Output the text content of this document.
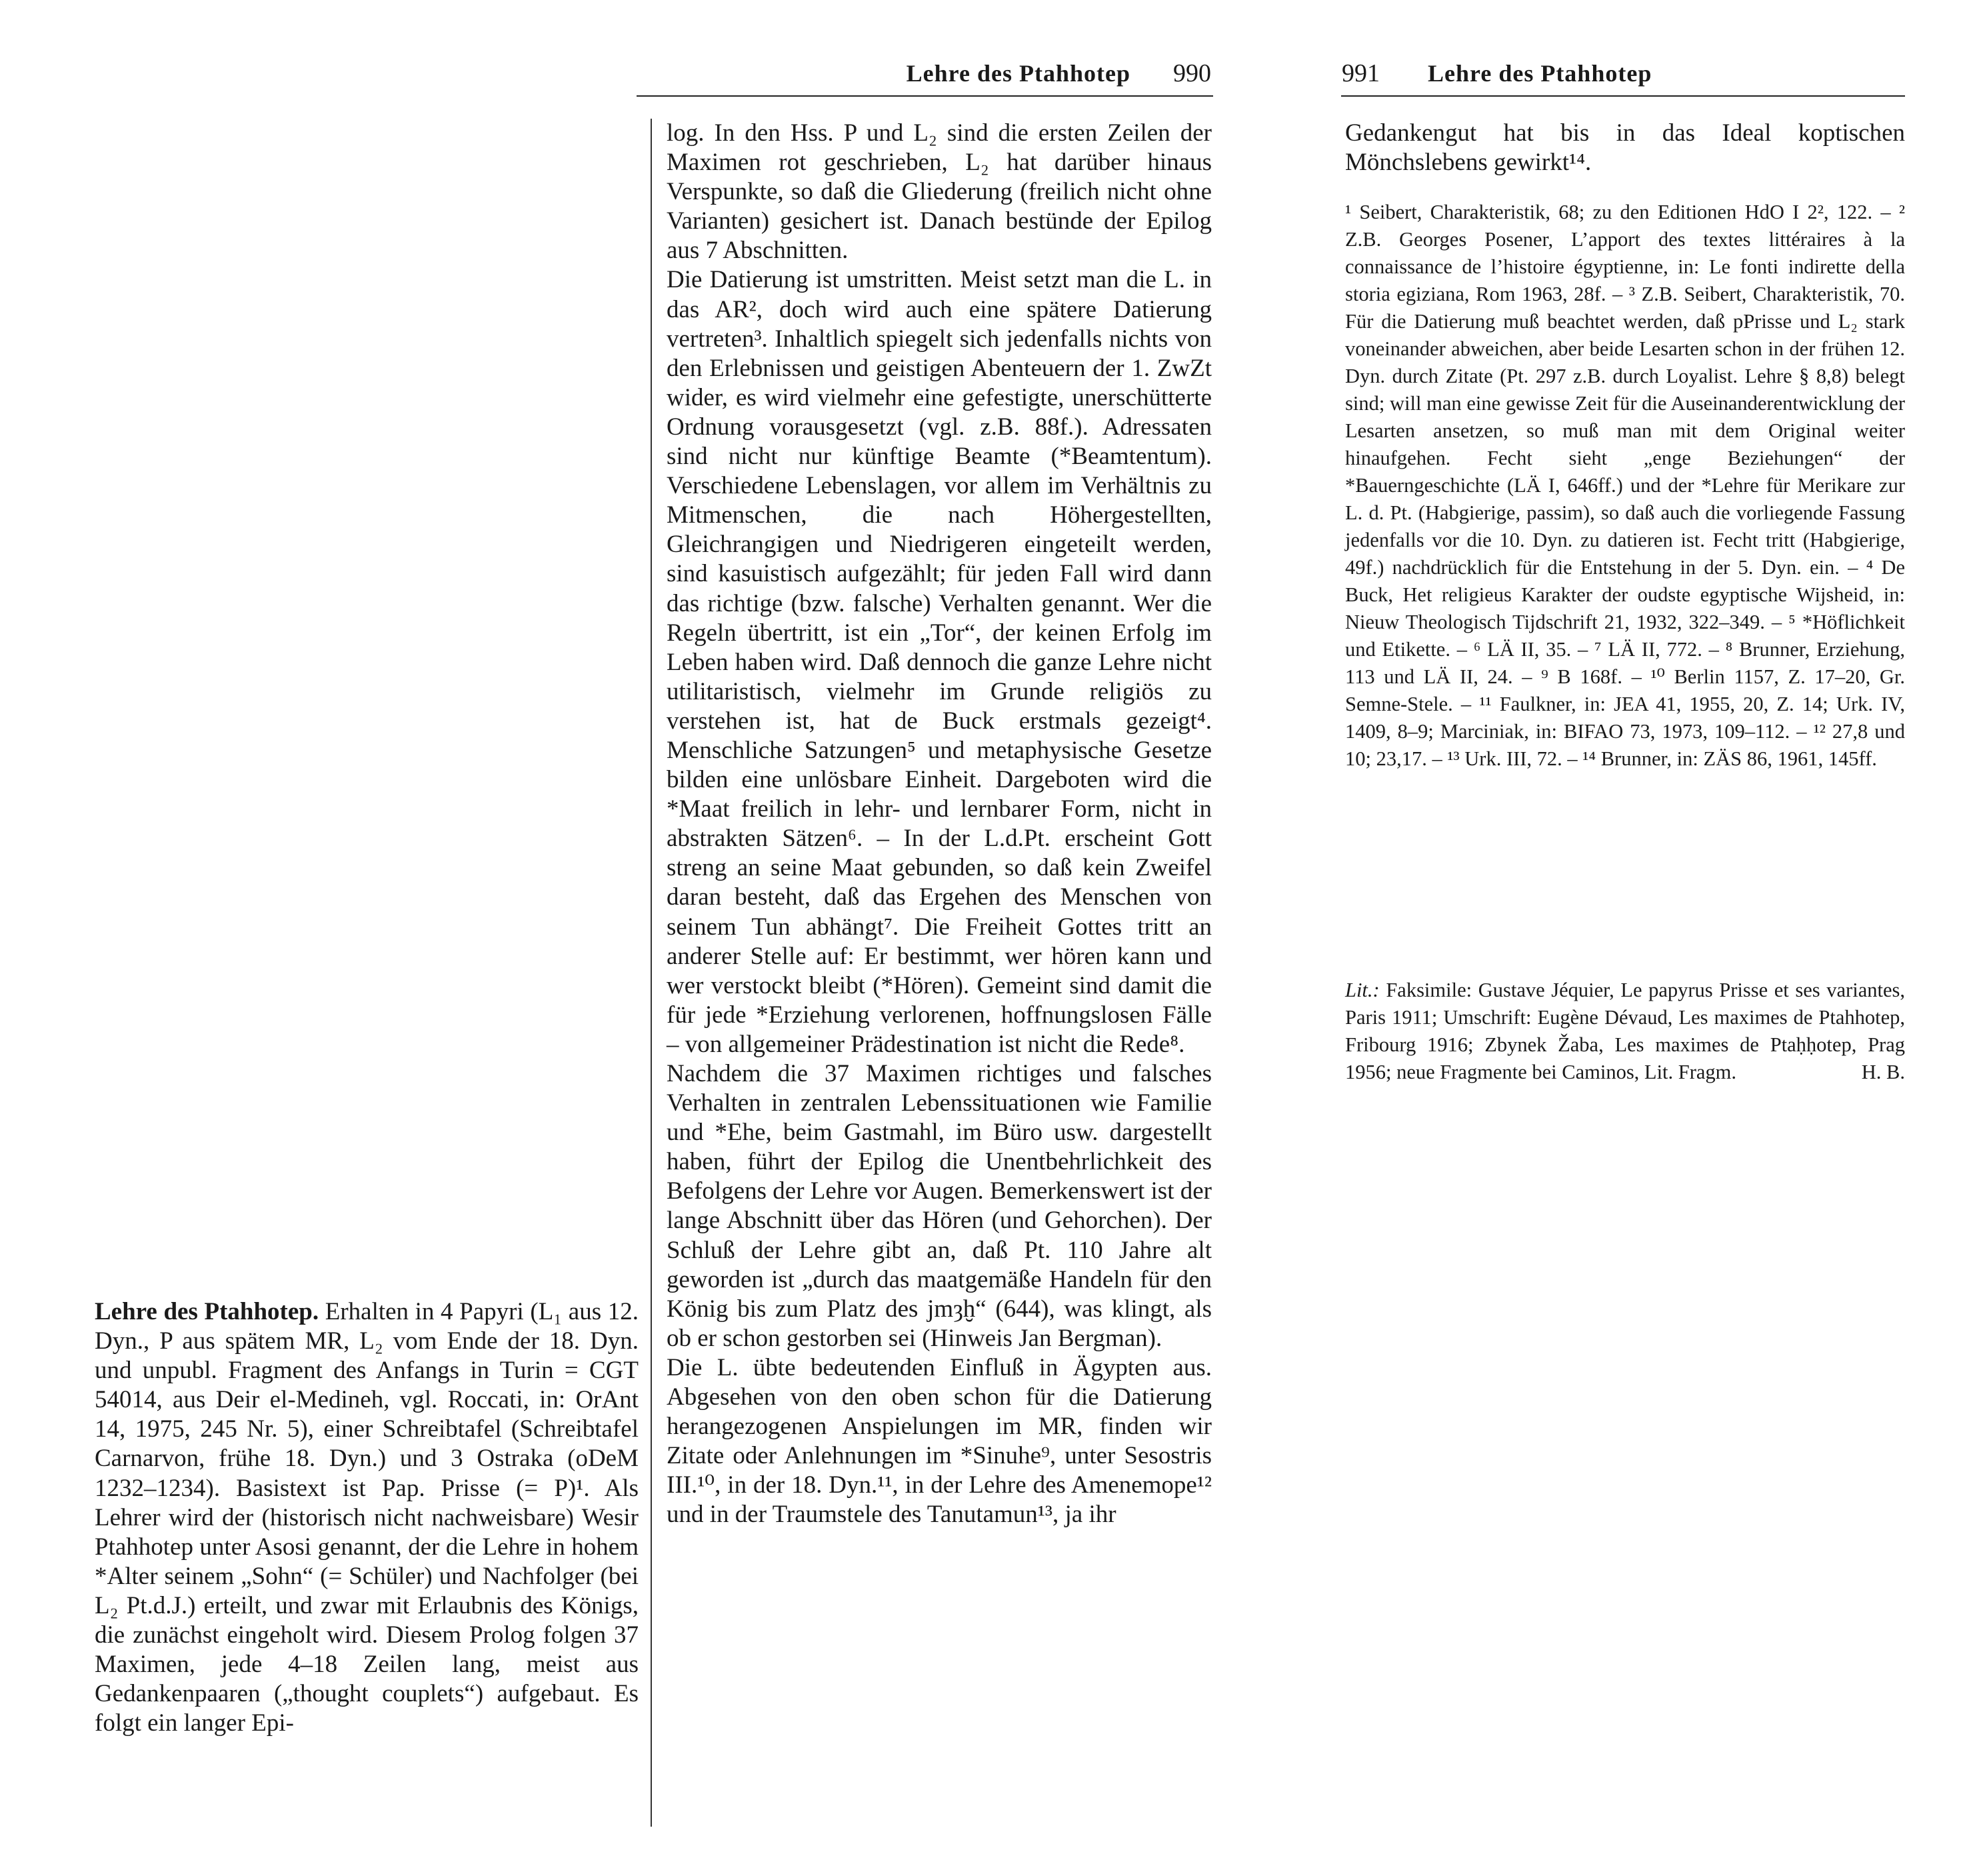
Lehre des Ptahhotep 990	991 Lehre des Ptahhotep

Lehre des Ptahhotep. Erhalten in 4 Papyri (L₁ aus 12. Dyn., P aus spätem MR, L₂ vom Ende der 18. Dyn. und unpubl. Fragment des Anfangs in Turin = CGT 54014, aus Deir el-Medineh, vgl. Roccati, in: OrAnt 14, 1975, 245 Nr. 5), einer Schreibtafel (Schreibtafel Carnarvon, frühe 18. Dyn.) und 3 Ostraka (oDeM 1232–1234). Basistext ist Pap. Prisse (= P)¹. Als Lehrer wird der (historisch nicht nachweisbare) Wesir Ptahhotep unter Asosi genannt, der die Lehre in hohem *Alter seinem „Sohn“ (= Schüler) und Nachfolger (bei L₂ Pt.d.J.) erteilt, und zwar mit Erlaubnis des Königs, die zunächst eingeholt wird. Diesem Prolog folgen 37 Maximen, jede 4–18 Zeilen lang, meist aus Gedankenpaaren („thought couplets“) aufgebaut. Es folgt ein langer Epi-

log. In den Hss. P und L₂ sind die ersten Zeilen der Maximen rot geschrieben, L₂ hat darüber hinaus Verspunkte, so daß die Gliederung (freilich nicht ohne Varianten) gesichert ist. Danach bestünde der Epilog aus 7 Abschnitten.

Die Datierung ist umstritten. Meist setzt man die L. in das AR², doch wird auch eine spätere Datierung vertreten³. Inhaltlich spiegelt sich jedenfalls nichts von den Erlebnissen und geistigen Abenteuern der 1. ZwZt wider, es wird vielmehr eine gefestigte, unerschütterte Ordnung vorausgesetzt (vgl. z.B. 88f.). Adressaten sind nicht nur künftige Beamte (*Beamtentum). Verschiedene Lebenslagen, vor allem im Verhältnis zu Mitmenschen, die nach Höhergestellten, Gleichrangigen und Niedrigeren eingeteilt werden, sind kasuistisch aufgezählt; für jeden Fall wird dann das richtige (bzw. falsche) Verhalten genannt. Wer die Regeln übertritt, ist ein „Tor“, der keinen Erfolg im Leben haben wird. Daß dennoch die ganze Lehre nicht utilitaristisch, vielmehr im Grunde religiös zu verstehen ist, hat de Buck erstmals gezeigt⁴. Menschliche Satzungen⁵ und metaphysische Gesetze bilden eine unlösbare Einheit. Dargeboten wird die *Maat freilich in lehr- und lernbarer Form, nicht in abstrakten Sätzen⁶. – In der L.d.Pt. erscheint Gott streng an seine Maat gebunden, so daß kein Zweifel daran besteht, daß das Ergehen des Menschen von seinem Tun abhängt⁷. Die Freiheit Gottes tritt an anderer Stelle auf: Er bestimmt, wer hören kann und wer verstockt bleibt (*Hören). Gemeint sind damit die für jede *Erziehung verlorenen, hoffnungslosen Fälle – von allgemeiner Prädestination ist nicht die Rede⁸.

Nachdem die 37 Maximen richtiges und falsches Verhalten in zentralen Lebenssituationen wie Familie und *Ehe, beim Gastmahl, im Büro usw. dargestellt haben, führt der Epilog die Unentbehrlichkeit des Befolgens der Lehre vor Augen. Bemerkenswert ist der lange Abschnitt über das Hören (und Gehorchen). Der Schluß der Lehre gibt an, daß Pt. 110 Jahre alt geworden ist „durch das maatgemäße Handeln für den König bis zum Platz des jmȝḫ“ (644), was klingt, als ob er schon gestorben sei (Hinweis Jan Bergman).

Die L. übte bedeutenden Einfluß in Ägypten aus. Abgesehen von den oben schon für die Datierung herangezogenen Anspielungen im MR, finden wir Zitate oder Anlehnungen im *Sinuhe⁹, unter Sesostris III.¹⁰, in der 18. Dyn.¹¹, in der Lehre des Amenemope¹² und in der Traumstele des Tanutamun¹³, ja ihr

Gedankengut hat bis in das Ideal koptischen Mönchslebens gewirkt¹⁴.

¹ Seibert, Charakteristik, 68; zu den Editionen HdO I 2², 122. – ² Z.B. Georges Posener, L’apport des textes littéraires à la connaissance de l’histoire égyptienne, in: Le fonti indirette della storia egiziana, Rom 1963, 28f. – ³ Z.B. Seibert, Charakteristik, 70. Für die Datierung muß beachtet werden, daß pPrisse und L₂ stark voneinander abweichen, aber beide Lesarten schon in der frühen 12. Dyn. durch Zitate (Pt. 297 z.B. durch Loyalist. Lehre § 8,8) belegt sind; will man eine gewisse Zeit für die Auseinanderentwicklung der Lesarten ansetzen, so muß man mit dem Original weiter hinaufgehen. Fecht sieht „enge Beziehungen“ der *Bauerngeschichte (LÄ I, 646ff.) und der *Lehre für Merikare zur L. d. Pt. (Habgierige, passim), so daß auch die vorliegende Fassung jedenfalls vor die 10. Dyn. zu datieren ist. Fecht tritt (Habgierige, 49f.) nachdrücklich für die Entstehung in der 5. Dyn. ein. – ⁴ De Buck, Het religieus Karakter der oudste egyptische Wijsheid, in: Nieuw Theologisch Tijdschrift 21, 1932, 322–349. – ⁵ *Höflichkeit und Etikette. – ⁶ LÄ II, 35. – ⁷ LÄ II, 772. – ⁸ Brunner, Erziehung, 113 und LÄ II, 24. – ⁹ B 168f. – ¹⁰ Berlin 1157, Z. 17–20, Gr. Semne-Stele. – ¹¹ Faulkner, in: JEA 41, 1955, 20, Z. 14; Urk. IV, 1409, 8–9; Marciniak, in: BIFAO 73, 1973, 109–112. – ¹² 27,8 und 10; 23,17. – ¹³ Urk. III, 72. – ¹⁴ Brunner, in: ZÄS 86, 1961, 145ff.
Lit.: Faksimile: Gustave Jéquier, Le papyrus Prisse et ses variantes, Paris 1911; Umschrift: Eugène Dévaud, Les maximes de Ptahhotep, Fribourg 1916; Zbynek Žaba, Les maximes de Ptaḥḥotep, Prag 1956; neue Fragmente bei Caminos, Lit. Fragm.	H. B.
